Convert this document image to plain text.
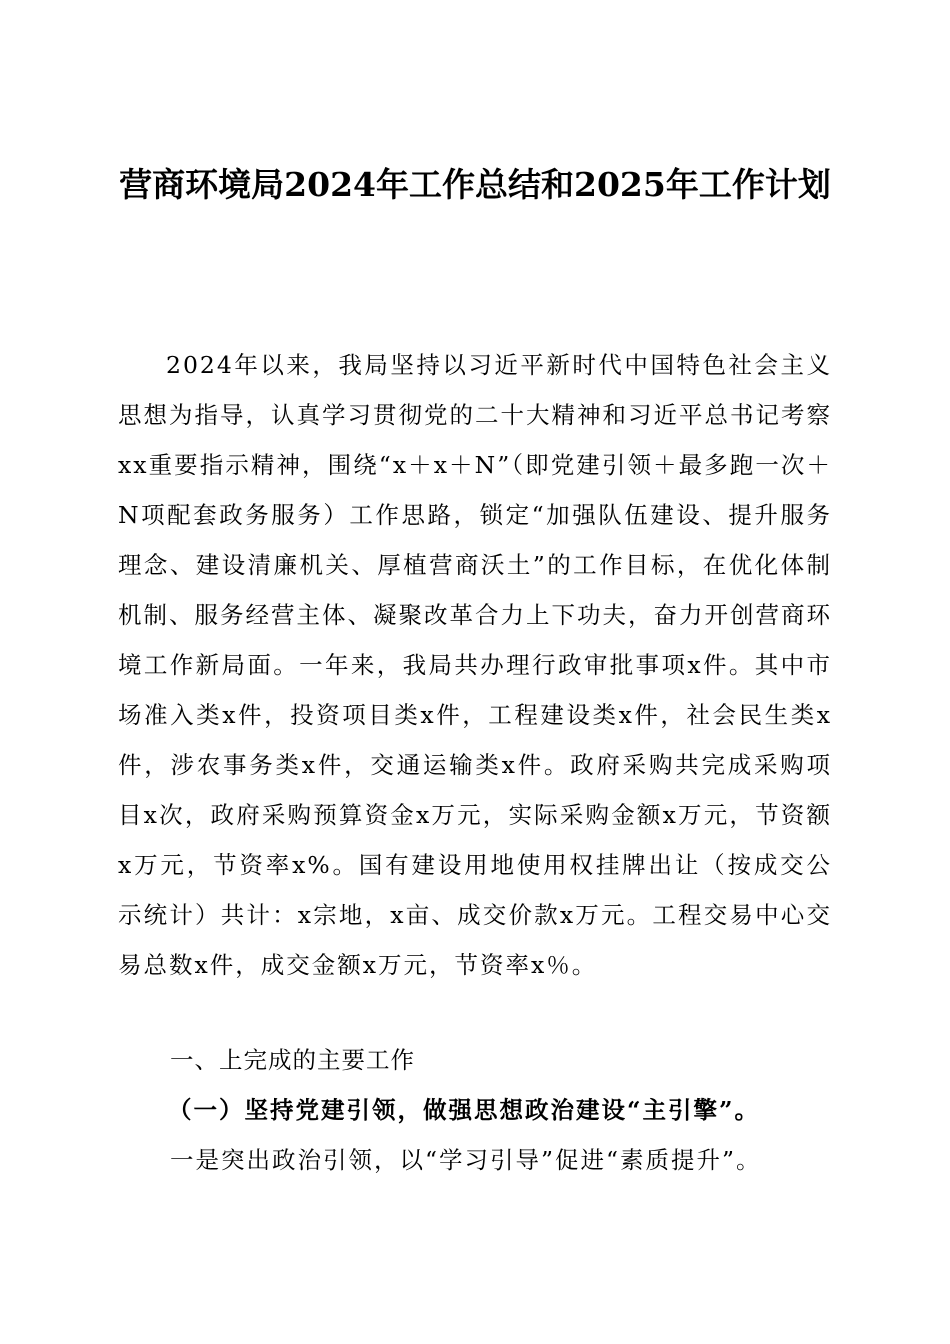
营商环境局2024年工作总结和2025年工作计划

2024年以来，我局坚持以习近平新时代中国特色社会主义思想为指导，认真学习贯彻党的二十大精神和习近平总书记考察xx重要指示精神，围绕“x＋x＋N”（即党建引领＋最多跑一次＋N项配套政务服务）工作思路，锁定“加强队伍建设、提升服务理念、建设清廉机关、厚植营商沃土”的工作目标，在优化体制机制、服务经营主体、凝聚改革合力上下功夫，奋力开创营商环境工作新局面。一年来，我局共办理行政审批事项x件。其中市场准入类x件，投资项目类x件，工程建设类x件，社会民生类x件，涉农事务类x件，交通运输类x件。政府采购共完成采购项目x次，政府采购预算资金x万元，实际采购金额x万元，节资额x万元，节资率x%。国有建设用地使用权挂牌出让（按成交公示统计）共计：x宗地，x亩、成交价款x万元。工程交易中心交易总数x件，成交金额x万元，节资率x％。

一、上完成的主要工作

（一）坚持党建引领，做强思想政治建设“主引擎”。

一是突出政治引领，以“学习引导”促进“素质提升”。
